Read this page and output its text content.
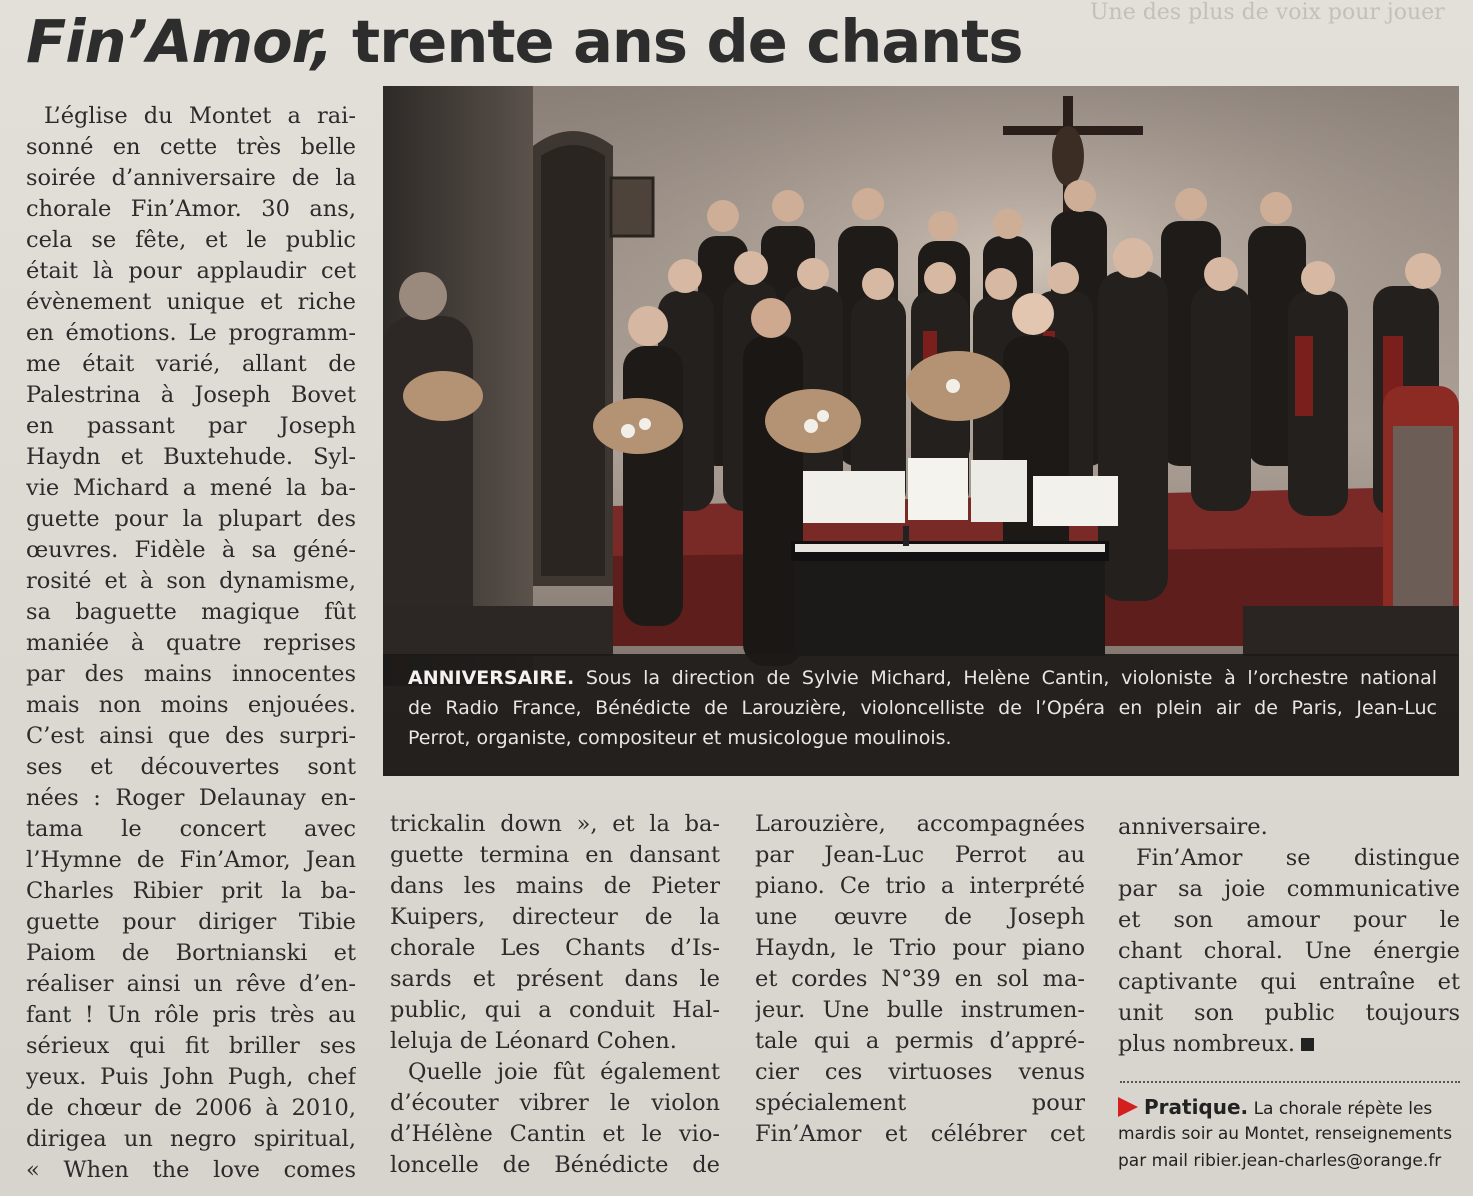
Une des plus de voix pour jouer
Fin’Amor, trente ans de chants
L’église du Montet a rai-
sonné en cette très belle
soirée d’anniversaire de la
chorale Fin’Amor. 30 ans,
cela se fête, et le public
était là pour applaudir cet
évènement unique et riche
en émotions. Le programm-
me était varié, allant de
Palestrina à Joseph Bovet
en passant par Joseph
Haydn et Buxtehude. Syl-
vie Michard a mené la ba-
guette pour la plupart des
œuvres. Fidèle à sa géné-
rosité et à son dynamisme,
sa baguette magique fût
maniée à quatre reprises
par des mains innocentes
mais non moins enjouées.
C’est ainsi que des surpri-
ses et découvertes sont
nées : Roger Delaunay en-
tama le concert avec
l’Hymne de Fin’Amor, Jean
Charles Ribier prit la ba-
guette pour diriger Tibie
Paiom de Bortnianski et
réaliser ainsi un rêve d’en-
fant ! Un rôle pris très au
sérieux qui fit briller ses
yeux. Puis John Pugh, chef
de chœur de 2006 à 2010,
dirigea un negro spiritual,
« When the love comes
ANNIVERSAIRE. Sous la direction de Sylvie Michard, Helène Cantin, violoniste à l’orchestre national
de Radio France, Bénédicte de Larouzière, violoncelliste de l’Opéra en plein air de Paris, Jean-Luc
Perrot, organiste, compositeur et musicologue moulinois.
trickalin down », et la ba-
guette termina en dansant
dans les mains de Pieter
Kuipers, directeur de la
chorale Les Chants d’Is-
sards et présent dans le
public, qui a conduit Hal-
leluja de Léonard Cohen.
Quelle joie fût également
d’écouter vibrer le violon
d’Hélène Cantin et le vio-
loncelle de Bénédicte de
Larouzière, accompagnées
par Jean-Luc Perrot au
piano. Ce trio a interprété
une œuvre de Joseph
Haydn, le Trio pour piano
et cordes N°39 en sol ma-
jeur. Une bulle instrumen-
tale qui a permis d’appré-
cier ces virtuoses venus
spécialement pour
Fin’Amor et célébrer cet
anniversaire.
Fin’Amor se distingue
par sa joie communicative
et son amour pour le
chant choral. Une énergie
captivante qui entraîne et
unit son public toujours
plus nombreux.
Pratique. La chorale répète les
mardis soir au Montet, renseignements
par mail ribier.jean-charles@orange.fr
